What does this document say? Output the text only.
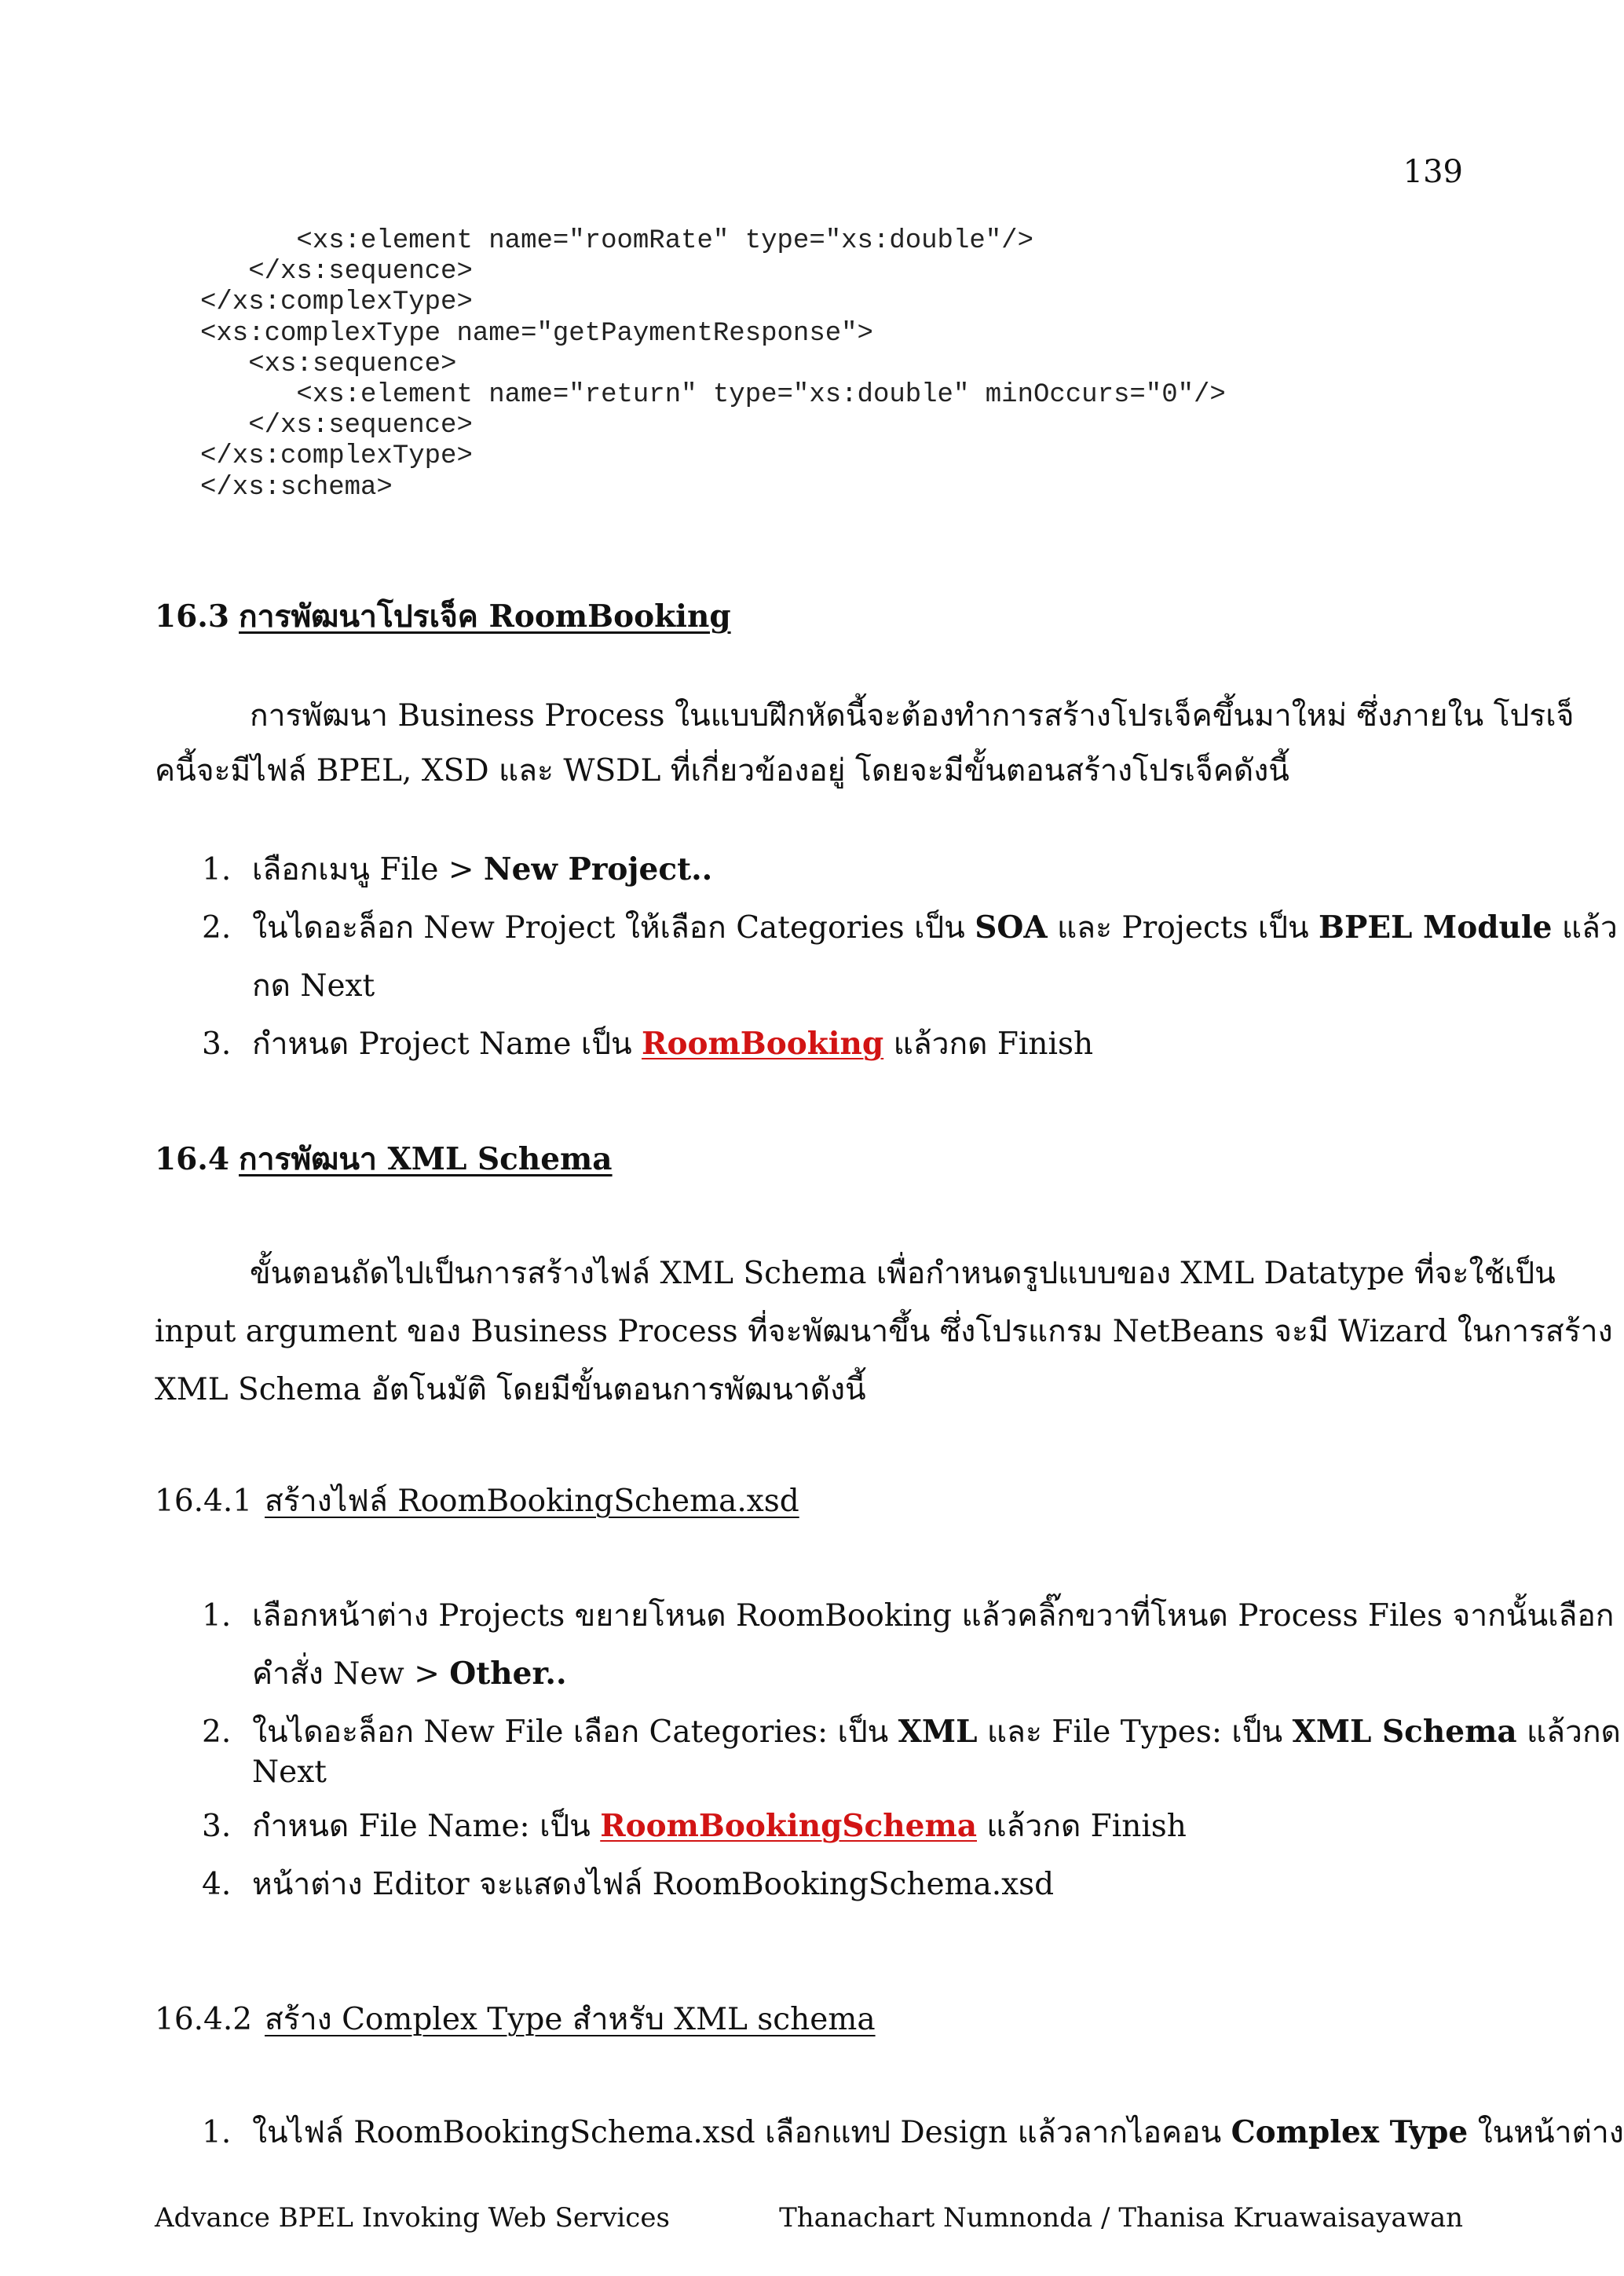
139
<xs:element name="roomRate" type="xs:double"/>
</xs:sequence>
</xs:complexType>
<xs:complexType name="getPaymentResponse">
<xs:sequence>
<xs:element name="return" type="xs:double" minOccurs="0"/>
</xs:sequence>
</xs:complexType>
</xs:schema>
16.3 การพัฒนาโปรเจ็ค RoomBooking
การพัฒนา Business Process ในแบบฝึกหัดนี้จะต้องทำการสร้างโปรเจ็คขึ้นมาใหม่ ซึ่งภายใน โปรเจ็
คนี้จะมีไฟล์ BPEL, XSD และ WSDL ที่เกี่ยวข้องอยู่ โดยจะมีขั้นตอนสร้างโปรเจ็คดังนี้
1. เลือกเมนู File > New Project..
2. ในไดอะล็อก New Project ให้เลือก Categories เป็น SOA และ Projects เป็น BPEL Module แล้ว
กด Next
3. กำหนด Project Name เป็น RoomBooking แล้วกด Finish
16.4 การพัฒนา XML Schema
ขั้นตอนถัดไปเป็นการสร้างไฟล์ XML Schema เพื่อกำหนดรูปแบบของ XML Datatype ที่จะใช้เป็น
input argument ของ Business Process ที่จะพัฒนาขึ้น ซึ่งโปรแกรม NetBeans จะมี Wizard ในการสร้าง
XML Schema อัตโนมัติ โดยมีขั้นตอนการพัฒนาดังนี้
16.4.1 สร้างไฟล์ RoomBookingSchema.xsd
1. เลือกหน้าต่าง Projects ขยายโหนด RoomBooking แล้วคลิ๊กขวาที่โหนด Process Files จากนั้นเลือก
คำสั่ง New > Other..
2. ในไดอะล็อก New File เลือก Categories: เป็น XML และ File Types: เป็น XML Schema แล้วกด
Next
3. กำหนด File Name: เป็น RoomBookingSchema แล้วกด Finish
4. หน้าต่าง Editor จะแสดงไฟล์ RoomBookingSchema.xsd
16.4.2 สร้าง Complex Type สำหรับ XML schema
1. ในไฟล์ RoomBookingSchema.xsd เลือกแทป Design แล้วลากไอคอน Complex Type ในหน้าต่าง
Advance BPEL Invoking Web Services	Thanachart Numnonda / Thanisa Kruawaisayawan
